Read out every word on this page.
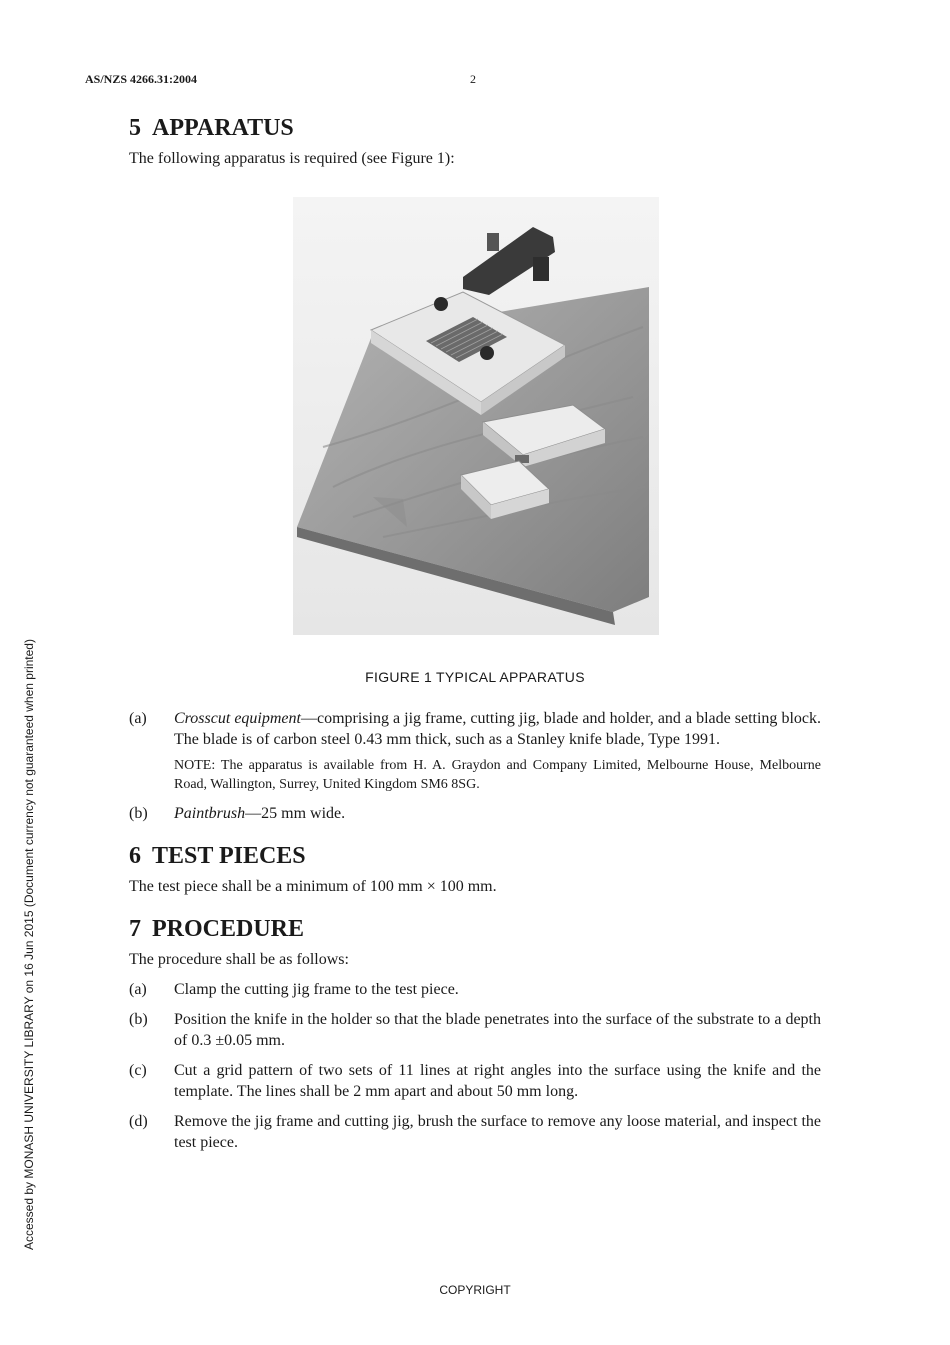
AS/NZS 4266.31:2004	2
Accessed by MONASH UNIVERSITY LIBRARY on 16 Jun 2015 (Document currency not guaranteed when printed)
5 APPARATUS

The following apparatus is required (see Figure 1):

FIGURE 1 TYPICAL APPARATUS
(a)	Crosscut equipment—comprising a jig frame, cutting jig, blade and holder, and a blade setting block. The blade is of carbon steel 0.43 mm thick, such as a Stanley knife blade, Type 1991.
NOTE: The apparatus is available from H. A. Graydon and Company Limited, Melbourne House, Melbourne Road, Wallington, Surrey, United Kingdom SM6 8SG.
(b)	Paintbrush—25 mm wide.
6 TEST PIECES

The test piece shall be a minimum of 100 mm × 100 mm.

7 PROCEDURE

The procedure shall be as follows:

(a)	Clamp the cutting jig frame to the test piece.
(b)	Position the knife in the holder so that the blade penetrates into the surface of the substrate to a depth of 0.3 ±0.05 mm.
(c)	Cut a grid pattern of two sets of 11 lines at right angles into the surface using the knife and the template. The lines shall be 2 mm apart and about 50 mm long.
(d)	Remove the jig frame and cutting jig, brush the surface to remove any loose material, and inspect the test piece.
COPYRIGHT
